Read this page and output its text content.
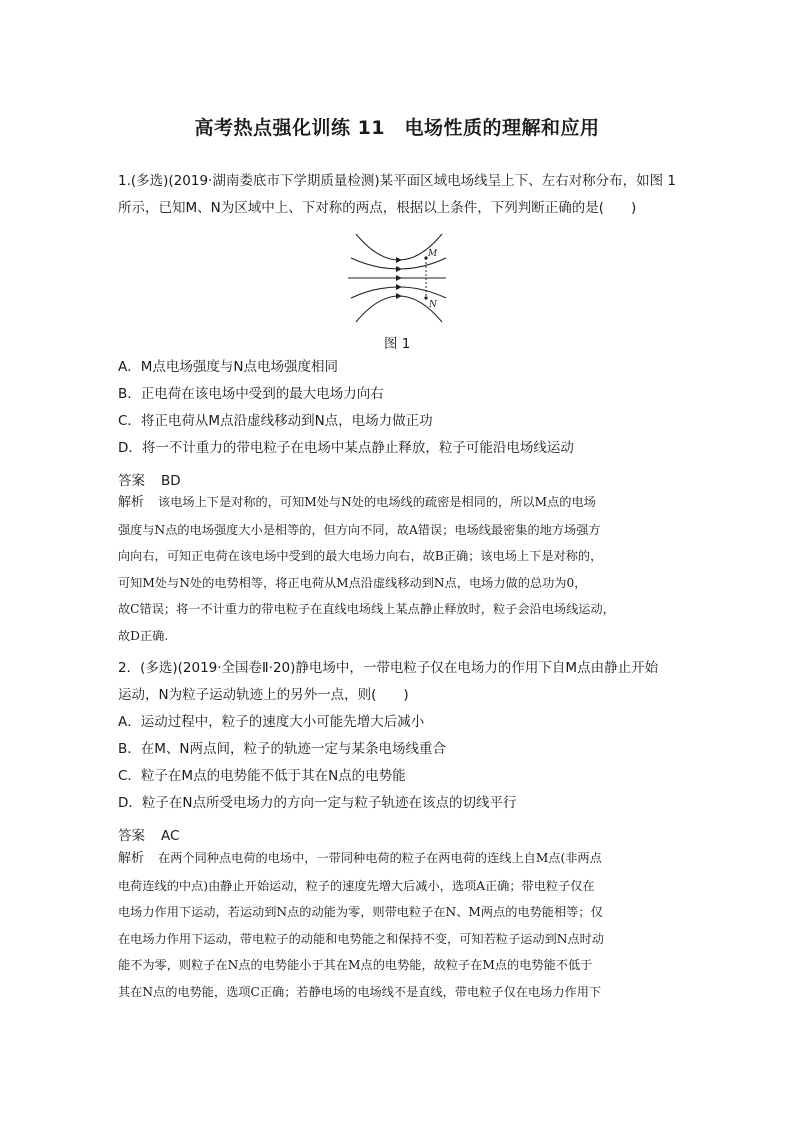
高考热点强化训练 11　电场性质的理解和应用
1.(多选)(2019·湖南娄底市下学期质量检测)某平面区域电场线呈上下、左右对称分布，如图 1
所示，已知M、N为区域中上、下对称的两点，根据以上条件，下列判断正确的是(　　)
M
N
图 1
A．M点电场强度与N点电场强度相同
B．正电荷在该电场中受到的最大电场力向右
C．将正电荷从M点沿虚线移动到N点，电场力做正功
D．将一不计重力的带电粒子在电场中某点静止释放，粒子可能沿电场线运动
答案 BD
解析 该电场上下是对称的，可知M处与N处的电场线的疏密是相同的，所以M点的电场
强度与N点的电场强度大小是相等的，但方向不同，故A错误；电场线最密集的地方场强方
向向右，可知正电荷在该电场中受到的最大电场力向右，故B正确；该电场上下是对称的，
可知M处与N处的电势相等，将正电荷从M点沿虚线移动到N点，电场力做的总功为0，
故C错误；将一不计重力的带电粒子在直线电场线上某点静止释放时，粒子会沿电场线运动，
故D正确.
2．(多选)(2019·全国卷Ⅱ·20)静电场中，一带电粒子仅在电场力的作用下自M点由静止开始
运动，N为粒子运动轨迹上的另外一点，则(　　)
A．运动过程中，粒子的速度大小可能先增大后减小
B．在M、N两点间，粒子的轨迹一定与某条电场线重合
C．粒子在M点的电势能不低于其在N点的电势能
D．粒子在N点所受电场力的方向一定与粒子轨迹在该点的切线平行
答案 AC
解析 在两个同种点电荷的电场中，一带同种电荷的粒子在两电荷的连线上自M点(非两点
电荷连线的中点)由静止开始运动，粒子的速度先增大后减小，选项A正确；带电粒子仅在
电场力作用下运动，若运动到N点的动能为零，则带电粒子在N、M两点的电势能相等；仅
在电场力作用下运动，带电粒子的动能和电势能之和保持不变，可知若粒子运动到N点时动
能不为零，则粒子在N点的电势能小于其在M点的电势能，故粒子在M点的电势能不低于
其在N点的电势能，选项C正确；若静电场的电场线不是直线，带电粒子仅在电场力作用下
